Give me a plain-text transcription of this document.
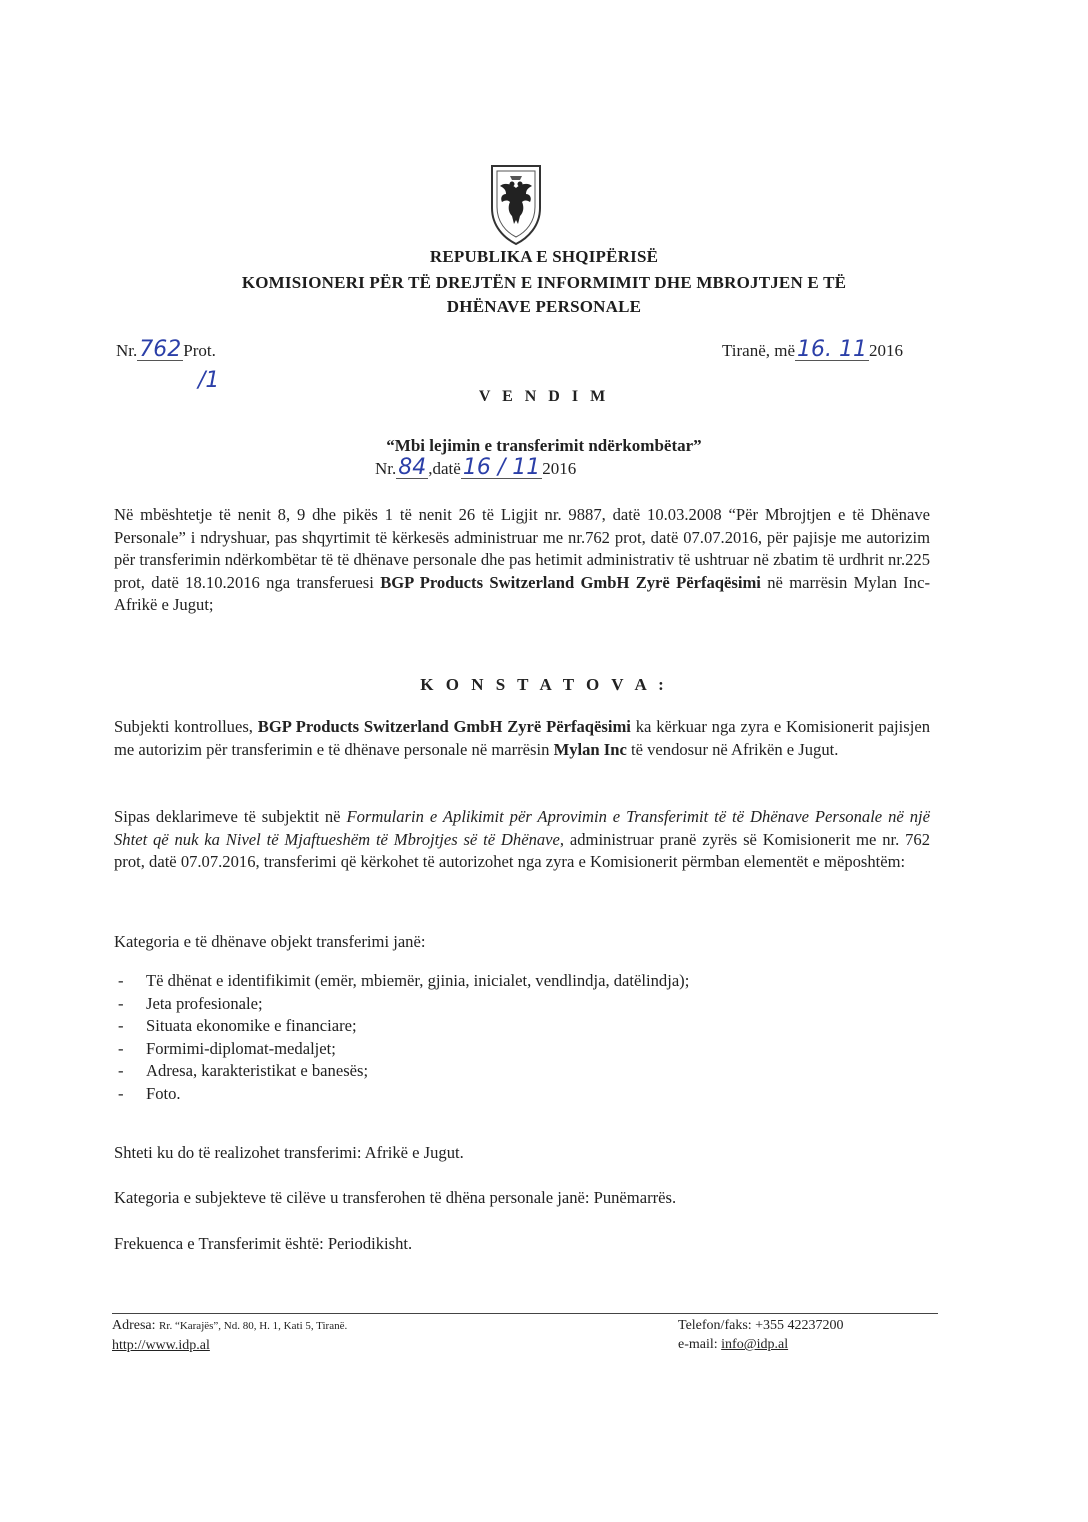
REPUBLIKA E SHQIPËRISË
KOMISIONERI PËR TË DREJTËN E INFORMIMIT DHE MBROJTJEN E TË
DHËNAVE PERSONALE
Nr.762 Prot.
/1
Tiranë, më16. 11 2016
V E N D I M
“Mbi lejimin e transferimit ndërkombëtar”
Nr.84 ,datë16 / 11 2016
Në mbështetje të nenit 8, 9 dhe pikës 1 të nenit 26 të Ligjit nr. 9887, datë 10.03.2008 “Për Mbrojtjen e të Dhënave Personale” i ndryshuar, pas shqyrtimit të kërkesës administruar me nr.762 prot, datë 07.07.2016, për pajisje me autorizim për transferimin ndërkombëtar të të dhënave personale dhe pas hetimit administrativ të ushtruar në zbatim të urdhrit nr.225 prot, datë 18.10.2016 nga transferuesi BGP Products Switzerland GmbH Zyrë Përfaqësimi në marrësin Mylan Inc- Afrikë e Jugut;
K O N S T A T O V A :
Subjekti kontrollues, BGP Products Switzerland GmbH Zyrë Përfaqësimi ka kërkuar nga zyra e Komisionerit pajisjen me autorizim për transferimin e të dhënave personale në marrësin Mylan Inc të vendosur në Afrikën e Jugut.
Sipas deklarimeve të subjektit në Formularin e Aplikimit për Aprovimin e Transferimit të të Dhënave Personale në një Shtet që nuk ka Nivel të Mjaftueshëm të Mbrojtjes së të Dhënave, administruar pranë zyrës së Komisionerit me nr. 762 prot, datë 07.07.2016, transferimi që kërkohet të autorizohet nga zyra e Komisionerit përmban elementët e mëposhtëm:
Kategoria e të dhënave objekt transferimi janë:
- Të dhënat e identifikimit (emër, mbiemër, gjinia, inicialet, vendlindja, datëlindja);
- Jeta profesionale;
- Situata ekonomike e financiare;
- Formimi-diplomat-medaljet;
- Adresa, karakteristikat e banesës;
- Foto.
Shteti ku do të realizohet transferimi: Afrikë e Jugut.
Kategoria e subjekteve të cilëve u transferohen të dhëna personale janë: Punëmarrës.
Frekuenca e Transferimit është: Periodikisht.
Adresa: Rr. “Karajës”, Nd. 80, H. 1, Kati 5, Tiranë.
http://www.idp.al
Telefon/faks: +355 42237200
e-mail: info@idp.al
